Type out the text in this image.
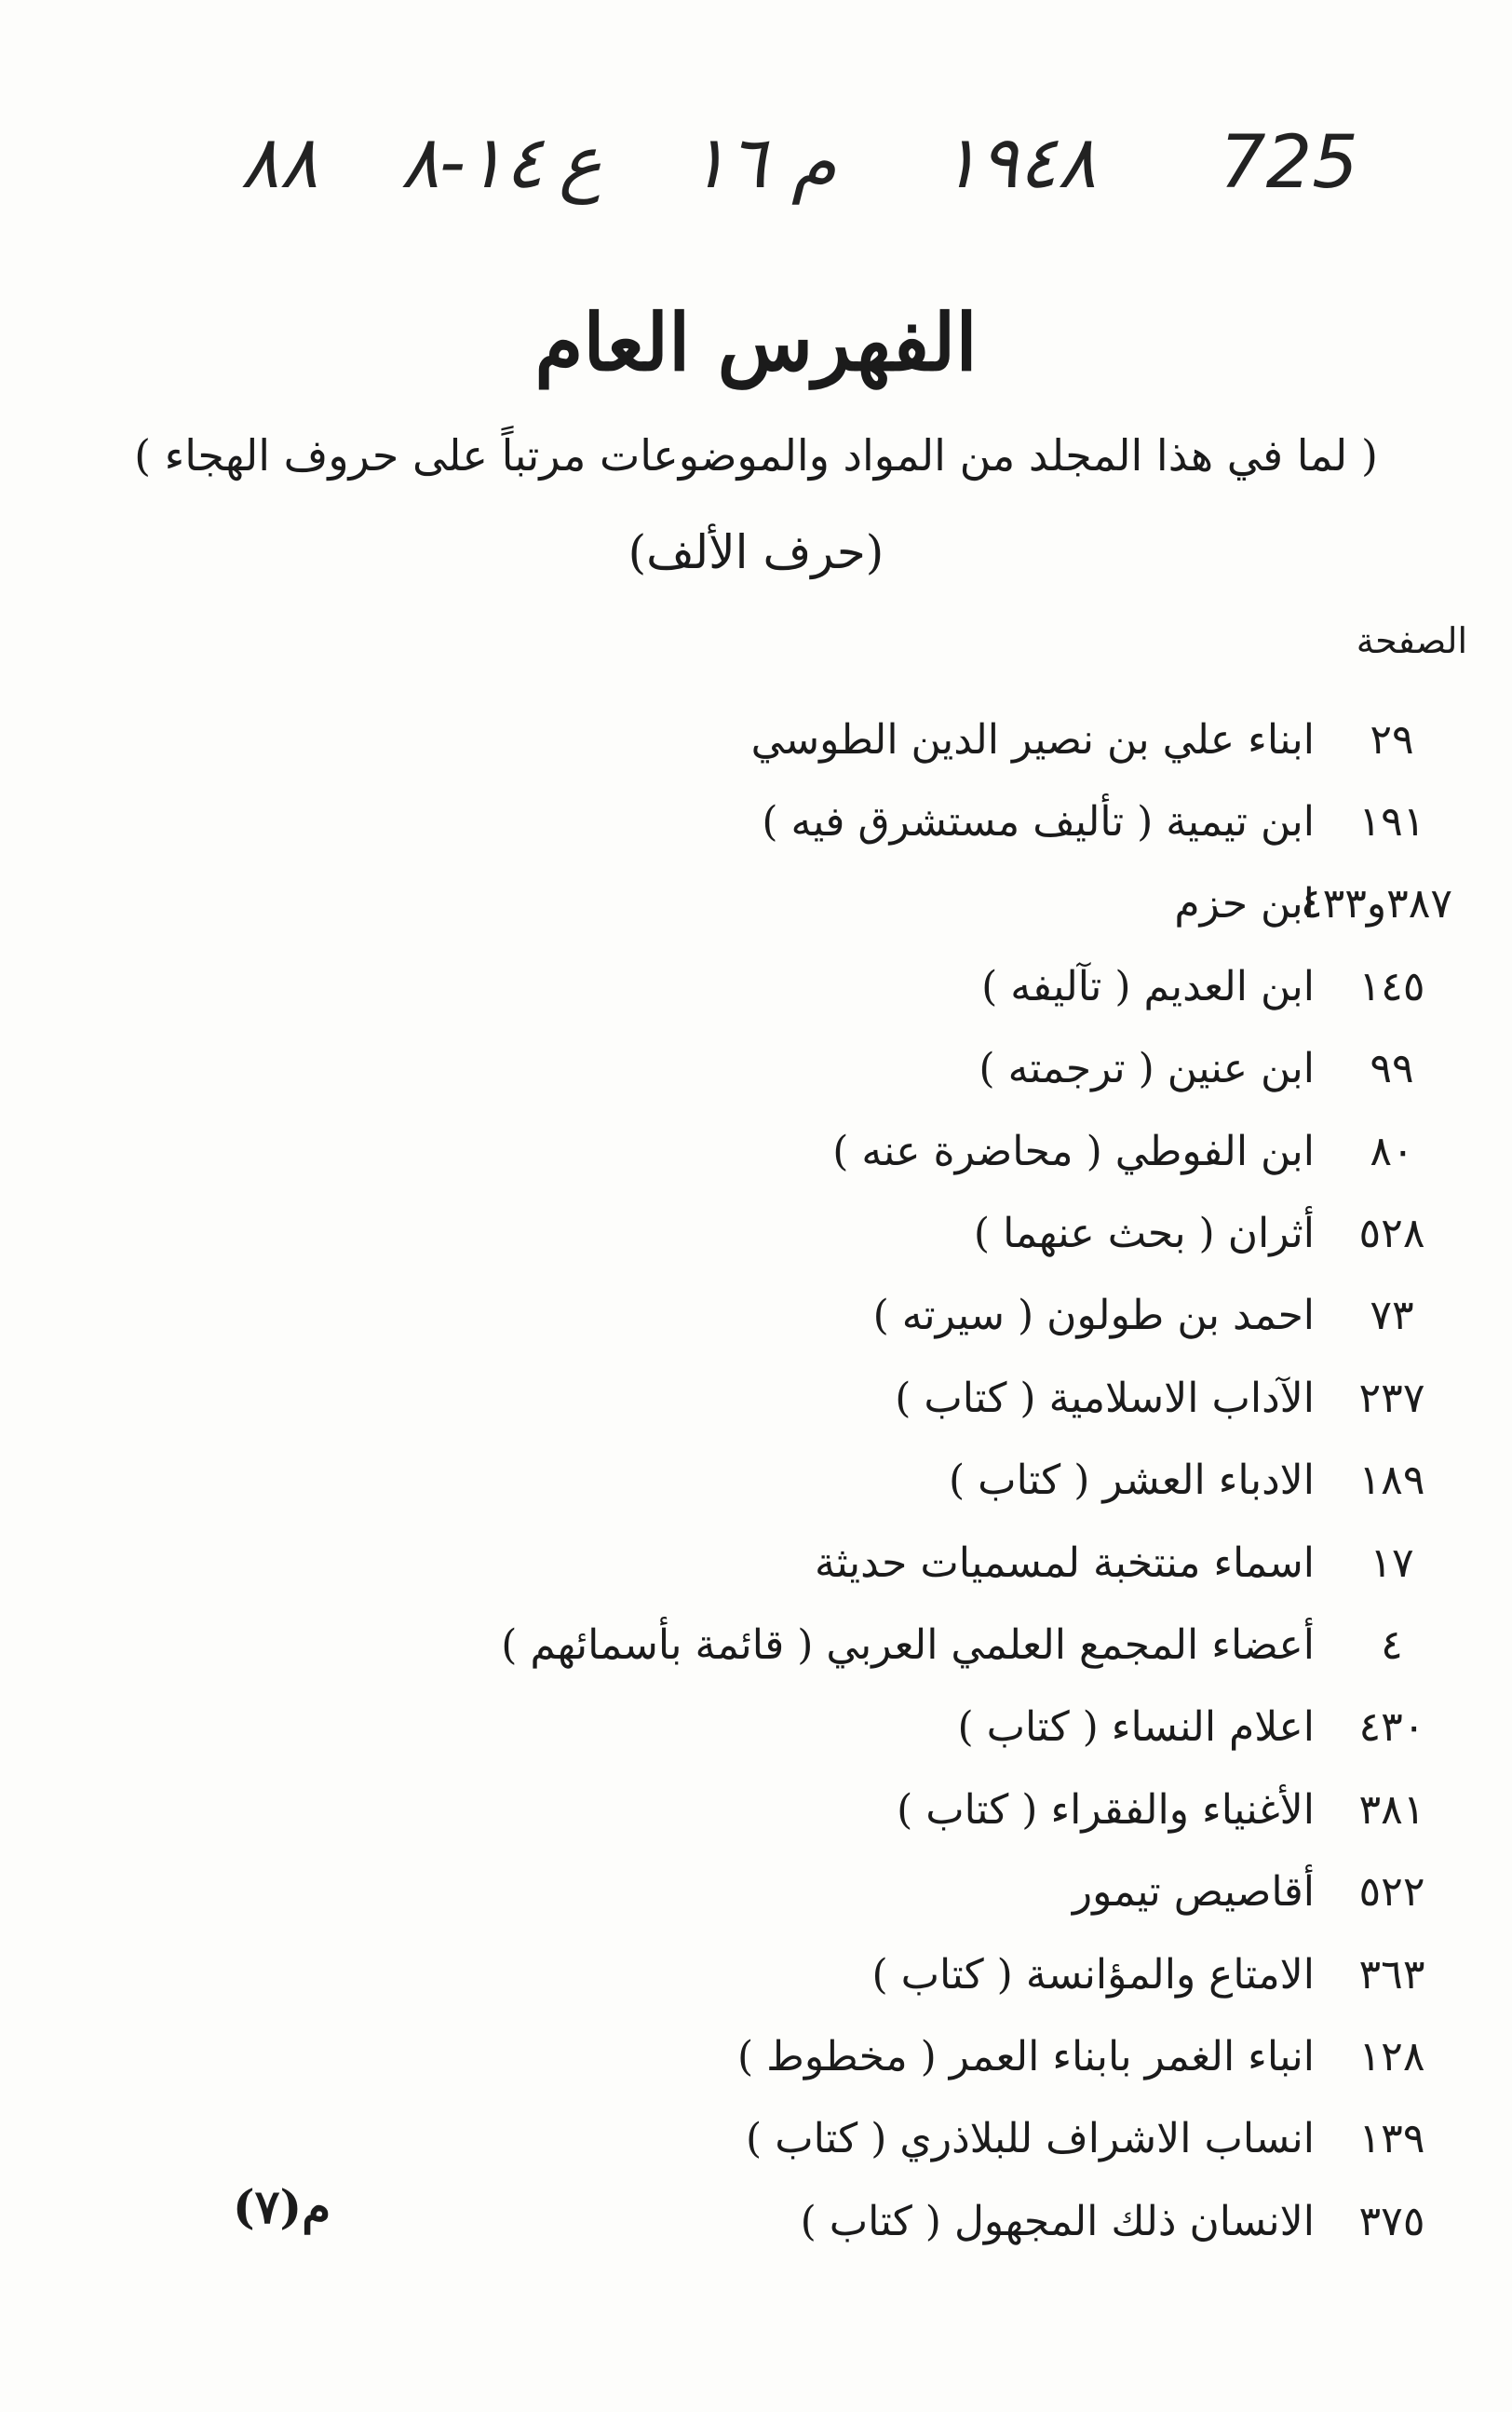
٨٨ ١٤-٨ ع ١٦ م ١٩٤٨ 725
الفهرس العام
( لما في هذا المجلد من المواد والموضوعات مرتباً على حروف الهجاء )
(حرف الألف)
الصفحة
٢٩
ابناء علي بن نصير الدين الطوسي
١٩١
ابن تيمية ( تأليف مستشرق فيه )
٣٨٧و٤٣٣
ابن حزم
١٤٥
ابن العديم ( تآليفه )
٩٩
ابن عنين ( ترجمته )
٨٠
ابن الفوطي ( محاضرة عنه )
٥٢٨
أثران ( بحث عنهما )
٧٣
احمد بن طولون ( سيرته )
٢٣٧
الآداب الاسلامية ( كتاب )
١٨٩
الادباء العشر ( كتاب )
١٧
اسماء منتخبة لمسميات حديثة
٤
أعضاء المجمع العلمي العربي ( قائمة بأسمائهم )
٤٣٠
اعلام النساء ( كتاب )
٣٨١
الأغنياء والفقراء ( كتاب )
٥٢٢
أقاصيص تيمور
٣٦٣
الامتاع والمؤانسة ( كتاب )
١٢٨
انباء الغمر بابناء العمر ( مخطوط )
١٣٩
انساب الاشراف للبلاذري ( كتاب )
٣٧٥
الانسان ذلك المجهول ( كتاب )
م(٧)
